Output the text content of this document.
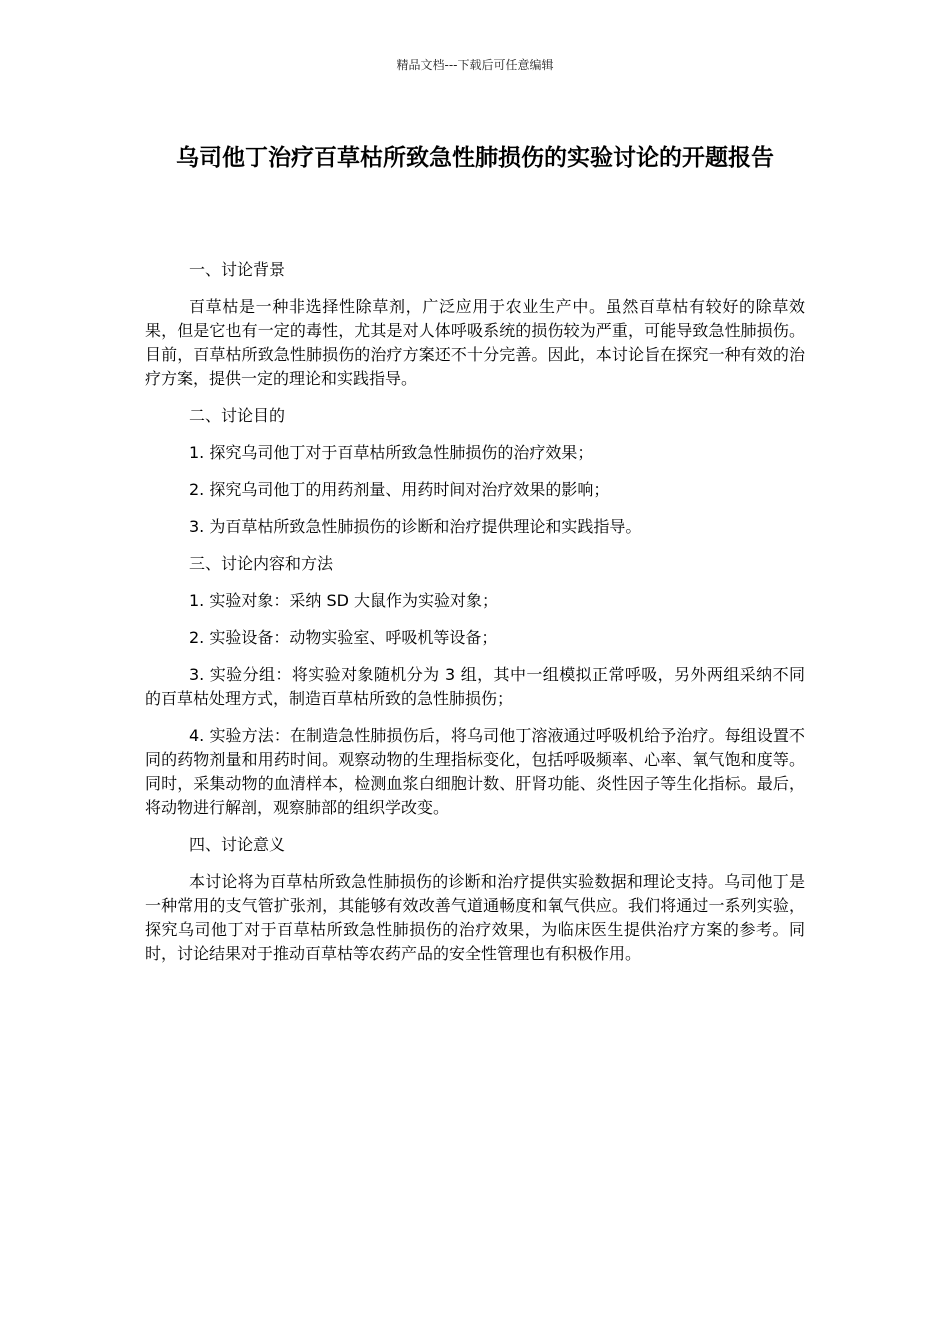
精品文档---下载后可任意编辑
乌司他丁治疗百草枯所致急性肺损伤的实验讨论的开题报告

一、讨论背景

百草枯是一种非选择性除草剂，广泛应用于农业生产中。虽然百草枯有较好的除草效果，但是它也有一定的毒性，尤其是对人体呼吸系统的损伤较为严重，可能导致急性肺损伤。目前，百草枯所致急性肺损伤的治疗方案还不十分完善。因此，本讨论旨在探究一种有效的治疗方案，提供一定的理论和实践指导。

二、讨论目的

1. 探究乌司他丁对于百草枯所致急性肺损伤的治疗效果；

2. 探究乌司他丁的用药剂量、用药时间对治疗效果的影响；

3. 为百草枯所致急性肺损伤的诊断和治疗提供理论和实践指导。

三、讨论内容和方法

1. 实验对象：采纳 SD 大鼠作为实验对象；

2. 实验设备：动物实验室、呼吸机等设备；

3. 实验分组：将实验对象随机分为 3 组，其中一组模拟正常呼吸，另外两组采纳不同的百草枯处理方式，制造百草枯所致的急性肺损伤；

4. 实验方法：在制造急性肺损伤后，将乌司他丁溶液通过呼吸机给予治疗。每组设置不同的药物剂量和用药时间。观察动物的生理指标变化，包括呼吸频率、心率、氧气饱和度等。同时，采集动物的血清样本，检测血浆白细胞计数、肝肾功能、炎性因子等生化指标。最后，将动物进行解剖，观察肺部的组织学改变。

四、讨论意义

本讨论将为百草枯所致急性肺损伤的诊断和治疗提供实验数据和理论支持。乌司他丁是一种常用的支气管扩张剂，其能够有效改善气道通畅度和氧气供应。我们将通过一系列实验，探究乌司他丁对于百草枯所致急性肺损伤的治疗效果，为临床医生提供治疗方案的参考。同时，讨论结果对于推动百草枯等农药产品的安全性管理也有积极作用。
